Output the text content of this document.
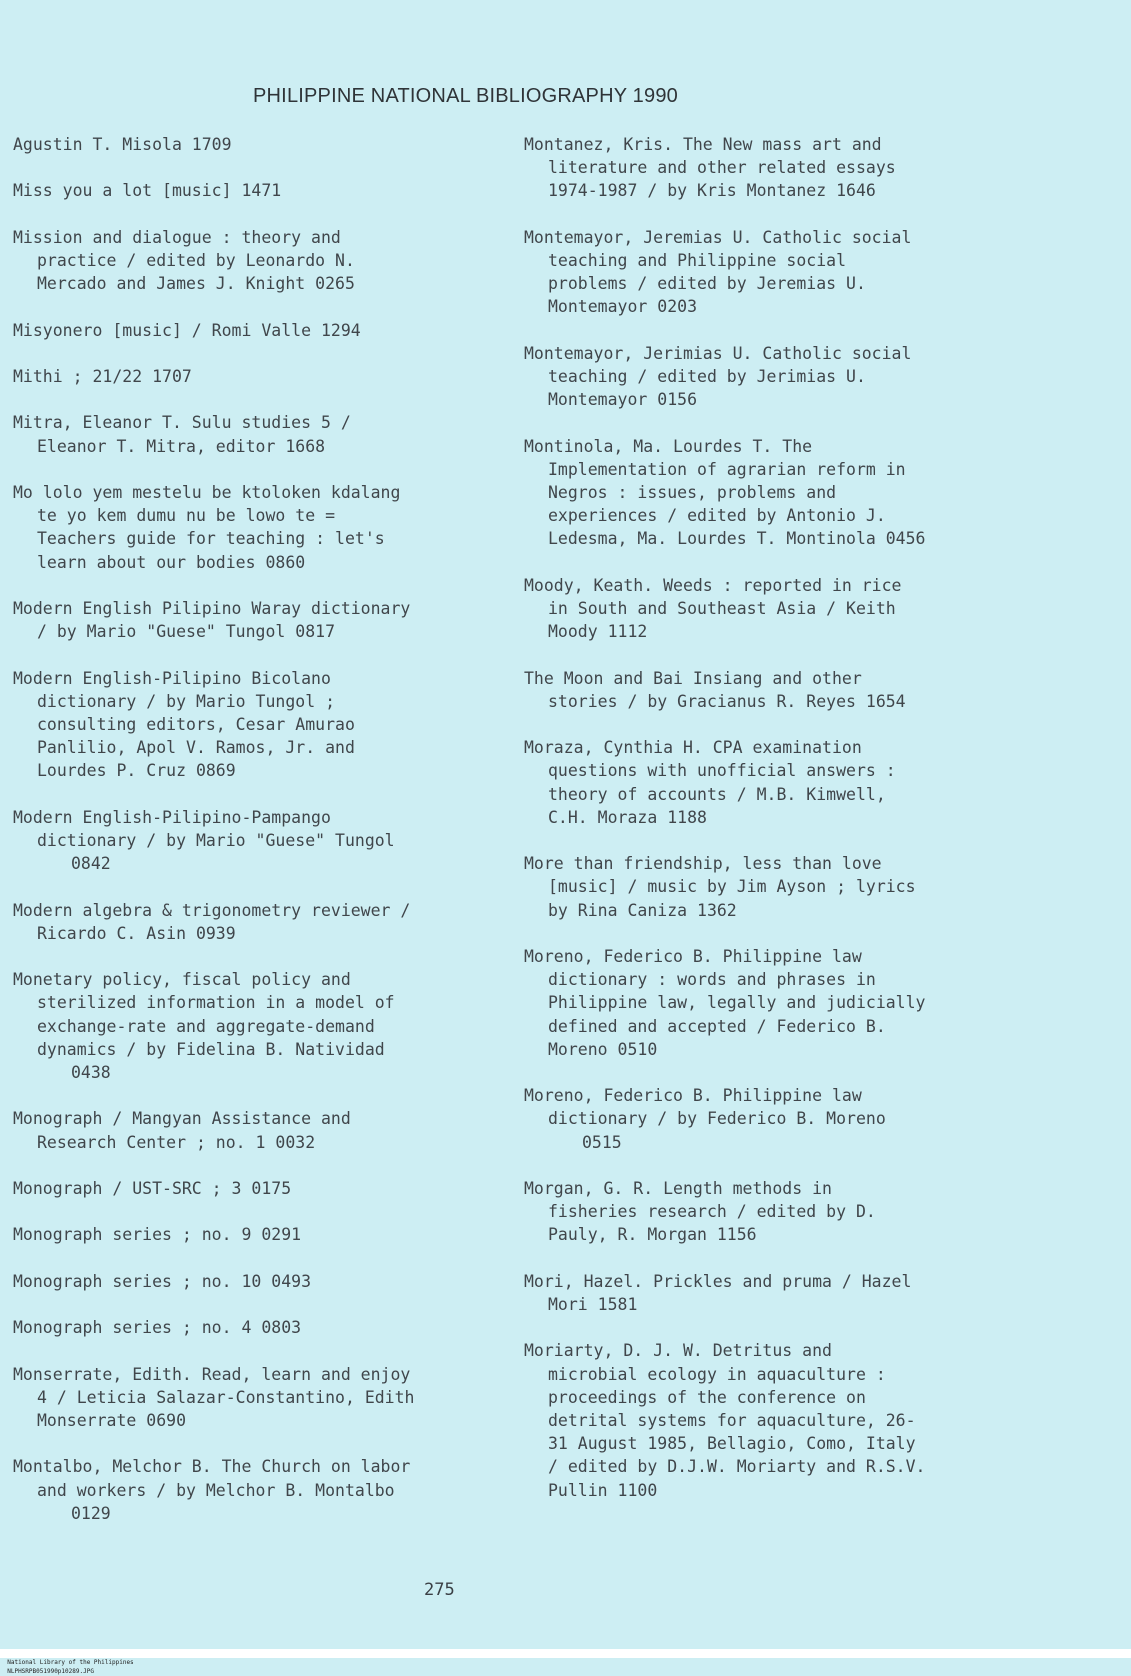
PHILIPPINE NATIONAL BIBLIOGRAPHY 1990
Agustin T. Misola 1709
Miss you a lot [music] 1471
Mission and dialogue : theory and
practice / edited by Leonardo N.
Mercado and James J. Knight 0265
Misyonero [music] / Romi Valle 1294
Mithi ; 21/22 1707
Mitra, Eleanor T. Sulu studies 5 /
Eleanor T. Mitra, editor 1668
Mo lolo yem mestelu be ktoloken kdalang
te yo kem dumu nu be lowo te =
Teachers guide for teaching : let's
learn about our bodies 0860
Modern English Pilipino Waray dictionary
/ by Mario "Guese" Tungol 0817
Modern English-Pilipino Bicolano
dictionary / by Mario Tungol ;
consulting editors, Cesar Amurao
Panlilio, Apol V. Ramos, Jr. and
Lourdes P. Cruz 0869
Modern English-Pilipino-Pampango
dictionary / by Mario "Guese" Tungol
0842
Modern algebra & trigonometry reviewer /
Ricardo C. Asin 0939
Monetary policy, fiscal policy and
sterilized information in a model of
exchange-rate and aggregate-demand
dynamics / by Fidelina B. Natividad
0438
Monograph / Mangyan Assistance and
Research Center ; no. 1 0032
Monograph / UST-SRC ; 3 0175
Monograph series ; no. 9 0291
Monograph series ; no. 10 0493
Monograph series ; no. 4 0803
Monserrate, Edith. Read, learn and enjoy
4 / Leticia Salazar-Constantino, Edith
Monserrate 0690
Montalbo, Melchor B. The Church on labor
and workers / by Melchor B. Montalbo
0129
Montanez, Kris. The New mass art and
literature and other related essays
1974-1987 / by Kris Montanez 1646
Montemayor, Jeremias U. Catholic social
teaching and Philippine social
problems / edited by Jeremias U.
Montemayor 0203
Montemayor, Jerimias U. Catholic social
teaching / edited by Jerimias U.
Montemayor 0156
Montinola, Ma. Lourdes T. The
Implementation of agrarian reform in
Negros : issues, problems and
experiences / edited by Antonio J.
Ledesma, Ma. Lourdes T. Montinola 0456
Moody, Keath. Weeds : reported in rice
in South and Southeast Asia / Keith
Moody 1112
The Moon and Bai Insiang and other
stories / by Gracianus R. Reyes 1654
Moraza, Cynthia H. CPA examination
questions with unofficial answers :
theory of accounts / M.B. Kimwell,
C.H. Moraza 1188
More than friendship, less than love
[music] / music by Jim Ayson ; lyrics
by Rina Caniza 1362
Moreno, Federico B. Philippine law
dictionary : words and phrases in
Philippine law, legally and judicially
defined and accepted / Federico B.
Moreno 0510
Moreno, Federico B. Philippine law
dictionary / by Federico B. Moreno
0515
Morgan, G. R. Length methods in
fisheries research / edited by D.
Pauly, R. Morgan 1156
Mori, Hazel. Prickles and pruma / Hazel
Mori 1581
Moriarty, D. J. W. Detritus and
microbial ecology in aquaculture :
proceedings of the conference on
detrital systems for aquaculture, 26-
31 August 1985, Bellagio, Como, Italy
/ edited by D.J.W. Moriarty and R.S.V.
Pullin 1100
275

National Library of the Philippines
NLPHSRPB051990p10289.JPG
